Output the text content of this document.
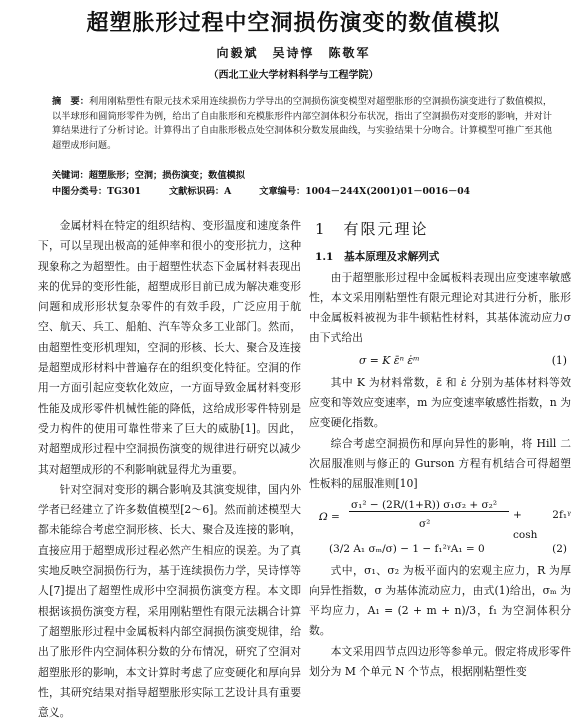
超塑胀形过程中空洞损伤演变的数值模拟
向毅斌　吴诗惇　陈敬军
（西北工业大学材料科学与工程学院）
摘　要：利用刚粘塑性有限元技术采用连续损伤力学导出的空洞损伤演变模型对超塑胀形的空洞损伤演变进行了数值模拟，以半球形和圆筒形零件为例，给出了自由胀形和充模胀形件内部空洞体积分布状况，指出了空洞损伤对变形的影响，并对计算结果进行了分析讨论。计算得出了自由胀形极点处空洞体积分数发展曲线，与实验结果十分吻合。计算模型可推广至其他超塑成形问题。
关键词：超塑胀形；空洞；损伤演变；数值模拟
中图分类号：TG301	文献标识码：A	文章编号：1004－244X(2001)01－0016－04

金属材料在特定的组织结构、变形温度和速度条件下，可以呈现出极高的延伸率和很小的变形抗力，这种现象称之为超塑性。由于超塑性状态下金属材料表现出来的优异的变形性能，超塑成形目前已成为解决难变形问题和成形形状复杂零件的有效手段，广泛应用于航空、航天、兵工、船舶、汽车等众多工业部门。然而，由超塑性变形机理知，空洞的形核、长大、聚合及连接是超塑成形材料中普遍存在的组织变化特征。空洞的作用一方面引起应变软化效应，一方面导致金属材料变形性能及成形零件机械性能的降低，这给成形零件特别是受力构件的使用可靠性带来了巨大的威胁[1]。因此，对超塑成形过程中空洞损伤演变的规律进行研究以减少其对超塑成形的不利影响就显得尤为重要。

针对空洞对变形的耦合影响及其演变规律，国内外学者已经建立了许多数值模型[2～6]。然而前述模型大都未能综合考虑空洞形核、长大、聚合及连接的影响，直接应用于超塑成形过程必然产生相应的误差。为了真实地反映空洞损伤行为，基于连续损伤力学，吴诗惇等人[7]提出了超塑性成形中空洞损伤演变方程。本文即根据该损伤演变方程，采用刚粘塑性有限元法耦合计算了超塑胀形过程中金属板料内部空洞损伤演变规律，给出了胀形件内空洞体积分数的分布情况，研究了空洞对超塑胀形的影响，本文计算时考虑了应变硬化和厚向异性，其研究结果对指导超塑胀形实际工艺设计具有重要意义。

1　有限元理论
1.1　基本原理及求解列式

由于超塑胀形过程中金属板料表现出应变速率敏感性，本文采用刚粘塑性有限元理论对其进行分析，胀形中金属板料被视为非牛顿粘性材料，其基体流动应力σ由下式给出

σ = K ε̄ⁿ ε̇ᵐ	(1)

其中 K 为材料常数，ε̄ 和 ε̇ 分别为基体材料等效应变和等效应变速率，m 为应变速率敏感性指数，n 为应变硬化指数。

综合考虑空洞损伤和厚向异性的影响，将 Hill 二次屈服准则与修正的 Gurson 方程有机结合可得超塑性板料的屈服准则[10]

Ω =
σ₁² − (2R/(1+R)) σ₁σ₂ + σ₂²
σ²
+ 2f₁ᵞ cosh
(3/2 A₁ σₘ/σ) − 1 − f₁²ᵞA₁ = 0	(2)

式中，σ₁、σ₂ 为板平面内的宏观主应力，R 为厚向异性指数，σ 为基体流动应力，由式(1)给出，σₘ 为平均应力，A₁ = (2 + m + n)/3，f₁ 为空洞体积分数。

本文采用四节点四边形等参单元。假定将成形零件划分为 M 个单元 N 个节点，根据刚粘塑性变
